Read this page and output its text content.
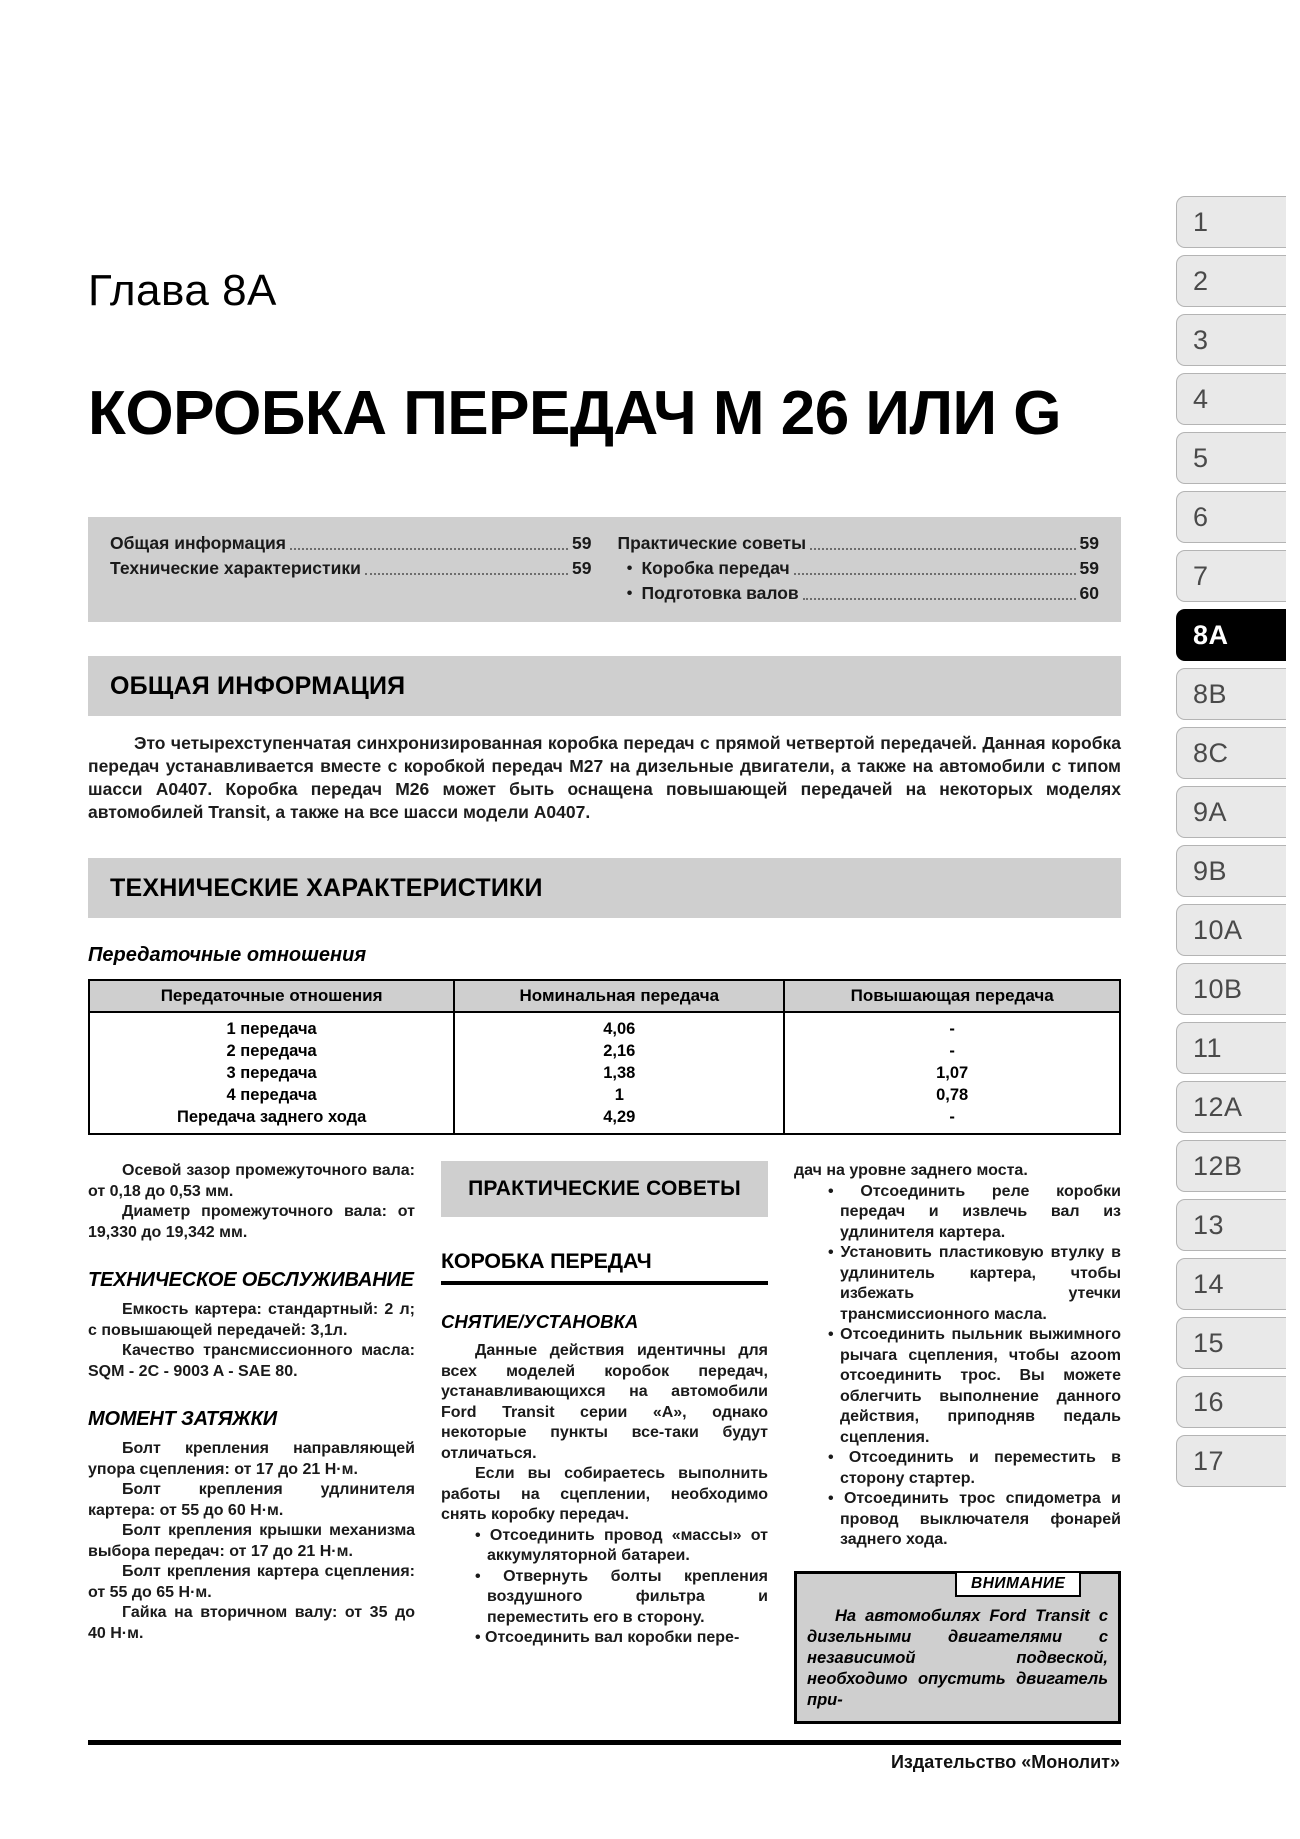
1
2
3
4
5
6
7
8A
8B
8C
9A
9B
10A
10B
11
12A
12B
13
14
15
16
17
Глава 8А
КОРОБКА ПЕРЕДАЧ М 26 ИЛИ G
Общая информация	59
Технические характеристики	59
Практические советы	59
• Коробка передач	59
• Подготовка валов	60
ОБЩАЯ ИНФОРМАЦИЯ
Это четырехступенчатая синхронизированная коробка передач с прямой четвертой передачей. Данная коробка передач устанавливается вместе с коробкой передач M27 на дизельные двигатели, а также на автомобили с типом шасси A0407. Коробка передач М26 может быть оснащена повышающей передачей на некоторых моделях автомобилей Transit, а также на все шасси модели A0407.
ТЕХНИЧЕСКИЕ ХАРАКТЕРИСТИКИ
Передаточные отношения
Передаточные отношения	Номинальная передача	Повышающая передача
1 передача	4,06	-
2 передача	2,16	-
3 передача	1,38	1,07
4 передача	1	0,78
Передача заднего хода	4,29	-

Осевой зазор промежуточного вала: от 0,18 до 0,53 мм.

Диаметр промежуточного вала: от 19,330 до 19,342 мм.

ТЕХНИЧЕСКОЕ ОБСЛУЖИВАНИЕ

Емкость картера: стандартный: 2 л; с повышающей передачей: 3,1л.

Качество трансмиссионного масла: SQM - 2C - 9003 A - SAE 80.

МОМЕНТ ЗАТЯЖКИ

Болт крепления направляющей упора сцепления: от 17 до 21 Н·м.

Болт крепления удлинителя картера: от 55 до 60 Н·м.

Болт крепления крышки механизма выбора передач: от 17 до 21 Н·м.

Болт крепления картера сцепления: от 55 до 65 Н·м.

Гайка на вторичном валу: от 35 до 40 Н·м.

ПРАКТИЧЕСКИЕ СОВЕТЫ
КОРОБКА ПЕРЕДАЧ
СНЯТИЕ/УСТАНОВКА

Данные действия идентичны для всех моделей коробок передач, устанавливающихся на автомобили Ford Transit серии «А», однако некоторые пункты все-таки будут отличаться.

Если вы собираетесь выполнить работы на сцеплении, необходимо снять коробку передач.

• Отсоединить провод «массы» от аккумуляторной батареи.

• Отвернуть болты крепления воздушного фильтра и переместить его в сторону.

• Отсоединить вал коробки пере-

дач на уровне заднего моста.

• Отсоединить реле коробки передач и извлечь вал из удлинителя картера.

• Установить пластиковую втулку в удлинитель картера, чтобы избежать утечки трансмиссионного масла.

• Отсоединить пыльник выжимного рычага сцепления, чтобы azoom отсоединить трос. Вы можете облегчить выполнение данного действия, приподняв педаль сцепления.

• Отсоединить и переместить в сторону стартер.

• Отсоединить трос спидометра и провод выключателя фонарей заднего хода.

ВНИМАНИЕ
На автомобилях Ford Transit с дизельными двигателями с независимой подвеской, необходимо опустить двигатель при-
Издательство «Монолит»
